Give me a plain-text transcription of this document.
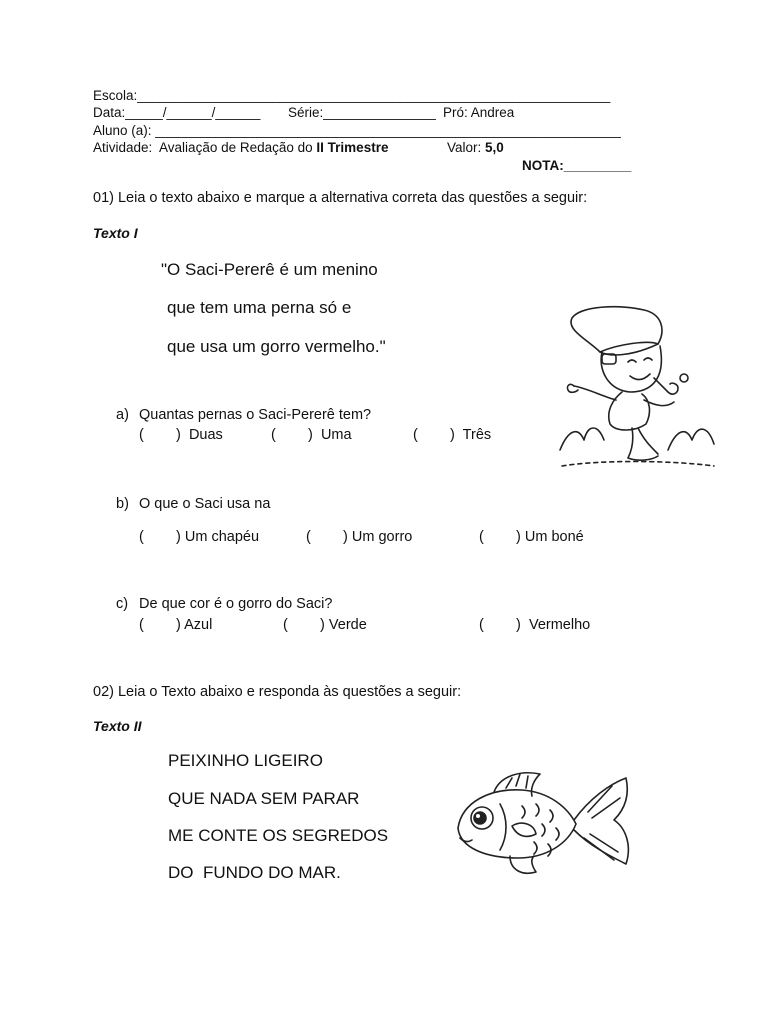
Escola:_______________________________________________________________
Data:_____/______/______ Série:_______________ Pró: Andrea
Aluno (a): ______________________________________________________________
Atividade:  Avaliação de Redação do II Trimestre	Valor: 5,0
NOTA:_________
01) Leia o texto abaixo e marque a alternativa correta das questões a seguir:
Texto I
"O Saci-Pererê é um menino
que tem uma perna só e
que usa um gorro vermelho."
a) Quantas pernas o Saci-Pererê tem?
(        )  Duas	(        )  Uma	(        )  Três
b) O que o Saci usa na
(        ) Um chapéu	(        ) Um gorro	(        ) Um boné
c) De que cor é o gorro do Saci?
(        ) Azul	(        ) Verde	(        )  Vermelho
02) Leia o Texto abaixo e responda às questões a seguir:
Texto II
PEIXINHO LIGEIRO
QUE NADA SEM PARAR
ME CONTE OS SEGREDOS
DO  FUNDO DO MAR.
